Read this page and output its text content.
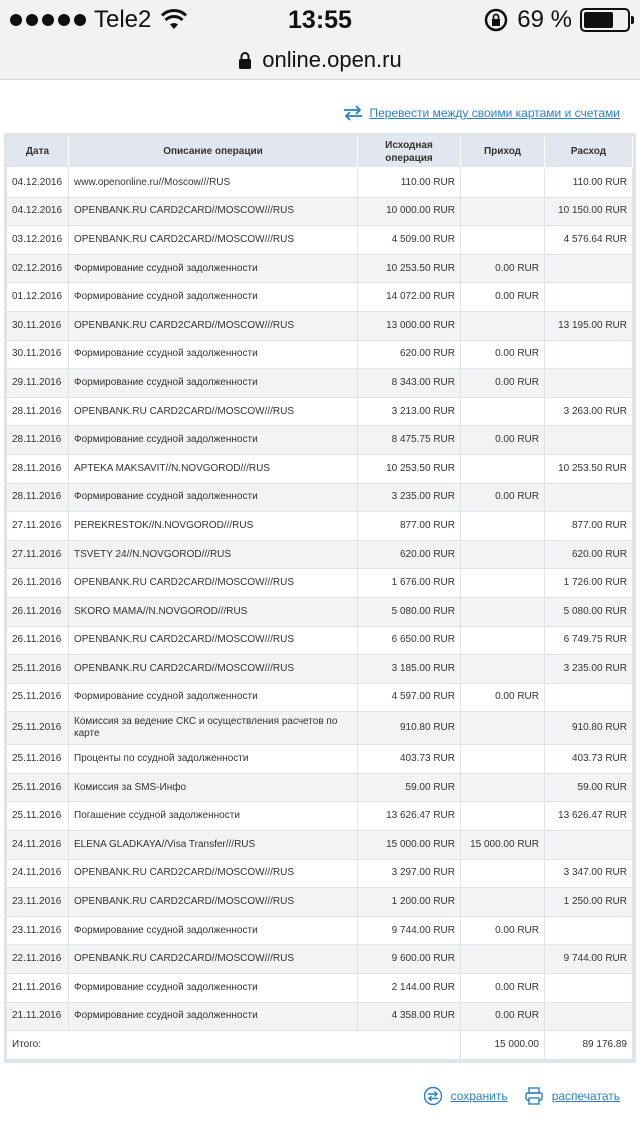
Tele2	13:55	69 %
online.open.ru
Перевести между своими картами и счетами
Дата	Описание операции	Исходная операция	Приход	Расход
04.12.2016	www.openonline.ru//Moscow///RUS	110.00 RUR		110.00 RUR
04.12.2016	OPENBANK.RU CARD2CARD//MOSCOW///RUS	10 000.00 RUR		10 150.00 RUR
03.12.2016	OPENBANK.RU CARD2CARD//MOSCOW///RUS	4 509.00 RUR		4 576.64 RUR
02.12.2016	Формирование ссудной задолженности	10 253.50 RUR	0.00 RUR	
01.12.2016	Формирование ссудной задолженности	14 072.00 RUR	0.00 RUR	
30.11.2016	OPENBANK.RU CARD2CARD//MOSCOW///RUS	13 000.00 RUR		13 195.00 RUR
30.11.2016	Формирование ссудной задолженности	620.00 RUR	0.00 RUR	
29.11.2016	Формирование ссудной задолженности	8 343.00 RUR	0.00 RUR	
28.11.2016	OPENBANK.RU CARD2CARD//MOSCOW///RUS	3 213.00 RUR		3 263.00 RUR
28.11.2016	Формирование ссудной задолженности	8 475.75 RUR	0.00 RUR	
28.11.2016	APTEKA MAKSAVIT//N.NOVGOROD///RUS	10 253.50 RUR		10 253.50 RUR
28.11.2016	Формирование ссудной задолженности	3 235.00 RUR	0.00 RUR	
27.11.2016	PEREKRESTOK//N.NOVGOROD///RUS	877.00 RUR		877.00 RUR
27.11.2016	TSVETY 24//N.NOVGOROD///RUS	620.00 RUR		620.00 RUR
26.11.2016	OPENBANK.RU CARD2CARD//MOSCOW///RUS	1 676.00 RUR		1 726.00 RUR
26.11.2016	SKORO MAMA//N.NOVGOROD///RUS	5 080.00 RUR		5 080.00 RUR
26.11.2016	OPENBANK.RU CARD2CARD//MOSCOW///RUS	6 650.00 RUR		6 749.75 RUR
25.11.2016	OPENBANK.RU CARD2CARD//MOSCOW///RUS	3 185.00 RUR		3 235.00 RUR
25.11.2016	Формирование ссудной задолженности	4 597.00 RUR	0.00 RUR	
25.11.2016	Комиссия за ведение СКС и осуществления расчетов по карте	910.80 RUR		910.80 RUR
25.11.2016	Проценты по ссудной задолженности	403.73 RUR		403.73 RUR
25.11.2016	Комиссия за SMS-Инфо	59.00 RUR		59.00 RUR
25.11.2016	Погашение ссудной задолженности	13 626.47 RUR		13 626.47 RUR
24.11.2016	ELENA GLADKAYA//Visa Transfer///RUS	15 000.00 RUR	15 000.00 RUR	
24.11.2016	OPENBANK.RU CARD2CARD//MOSCOW///RUS	3 297.00 RUR		3 347.00 RUR
23.11.2016	OPENBANK.RU CARD2CARD//MOSCOW///RUS	1 200.00 RUR		1 250.00 RUR
23.11.2016	Формирование ссудной задолженности	9 744.00 RUR	0.00 RUR	
22.11.2016	OPENBANK.RU CARD2CARD//MOSCOW///RUS	9 600.00 RUR		9 744.00 RUR
21.11.2016	Формирование ссудной задолженности	2 144.00 RUR	0.00 RUR	
21.11.2016	Формирование ссудной задолженности	4 358.00 RUR	0.00 RUR	
Итого:			15 000.00	89 176.89
сохранить	распечатать
